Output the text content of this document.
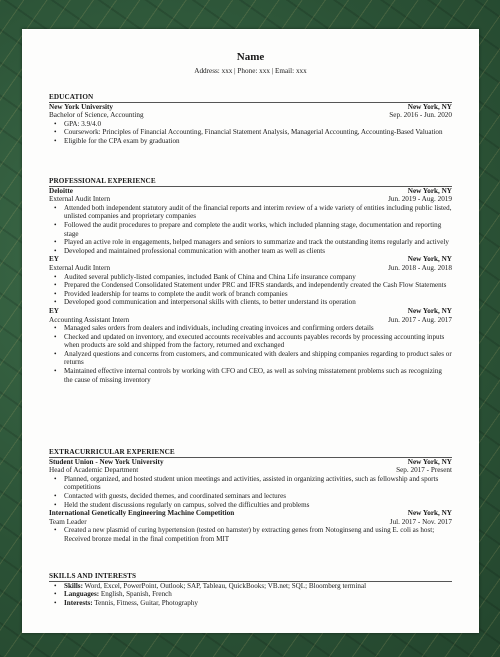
Name
Address: xxx | Phone: xxx | Email: xxx
EDUCATION
New York University	New York, NY
Bachelor of Science, Accounting	Sep. 2016 - Jun. 2020
• GPA: 3.9/4.0
• Coursework: Principles of Financial Accounting, Financial Statement Analysis, Managerial Accounting, Accounting-Based Valuation
• Eligible for the CPA exam by graduation
PROFESSIONAL EXPERIENCE
Deloitte	New York, NY
External Audit Intern	Jun. 2019 - Aug. 2019
• Attended both independent statutory audit of the financial reports and interim review of a wide variety of entities including public listed, unlisted companies and proprietary companies
• Followed the audit procedures to prepare and complete the audit works, which included planning stage, documentation and reporting stage
• Played an active role in engagements, helped managers and seniors to summarize and track the outstanding items regularly and actively
• Developed and maintained professional communication with another team as well as clients
EY	New York, NY
External Audit Intern	Jun. 2018 - Aug. 2018
• Audited several publicly-listed companies, included Bank of China and China Life insurance company
• Prepared the Condensed Consolidated Statement under PRC and IFRS standards, and independently created the Cash Flow Statements
• Provided leadership for teams to complete the audit work of branch companies
• Developed good communication and interpersonal skills with clients, to better understand its operation
EY	New York, NY
Accounting Assistant Intern	Jun. 2017 - Aug. 2017
• Managed sales orders from dealers and individuals, including creating invoices and confirming orders details
• Checked and updated on inventory, and executed accounts receivables and accounts payables records by processing accounting inputs when products are sold and shipped from the factory, returned and exchanged
• Analyzed questions and concerns from customers, and communicated with dealers and shipping companies regarding to product sales or returns
• Maintained effective internal controls by working with CFO and CEO, as well as solving misstatement problems such as recognizing the cause of missing inventory
EXTRACURRICULAR EXPERIENCE
Student Union - New York University	New York, NY
Head of Academic Department	Sep. 2017 - Present
• Planned, organized, and hosted student union meetings and activities, assisted in organizing activities, such as fellowship and sports competitions
• Contacted with guests, decided themes, and coordinated seminars and lectures
• Held the student discussions regularly on campus, solved the difficulties and problems
International Genetically Engineering Machine Competition	New York, NY
Team Leader	Jul. 2017 - Nov. 2017
• Created a new plasmid of curing hypertension (tested on hamster) by extracting genes from Notoginseng and using E. coli as host; Received bronze medal in the final competition from MIT
SKILLS AND INTERESTS
• Skills: Word, Excel, PowerPoint, Outlook; SAP, Tableau, QuickBooks; VB.net; SQL; Bloomberg terminal
• Languages: English, Spanish, French
• Interests: Tennis, Fitness, Guitar, Photography
